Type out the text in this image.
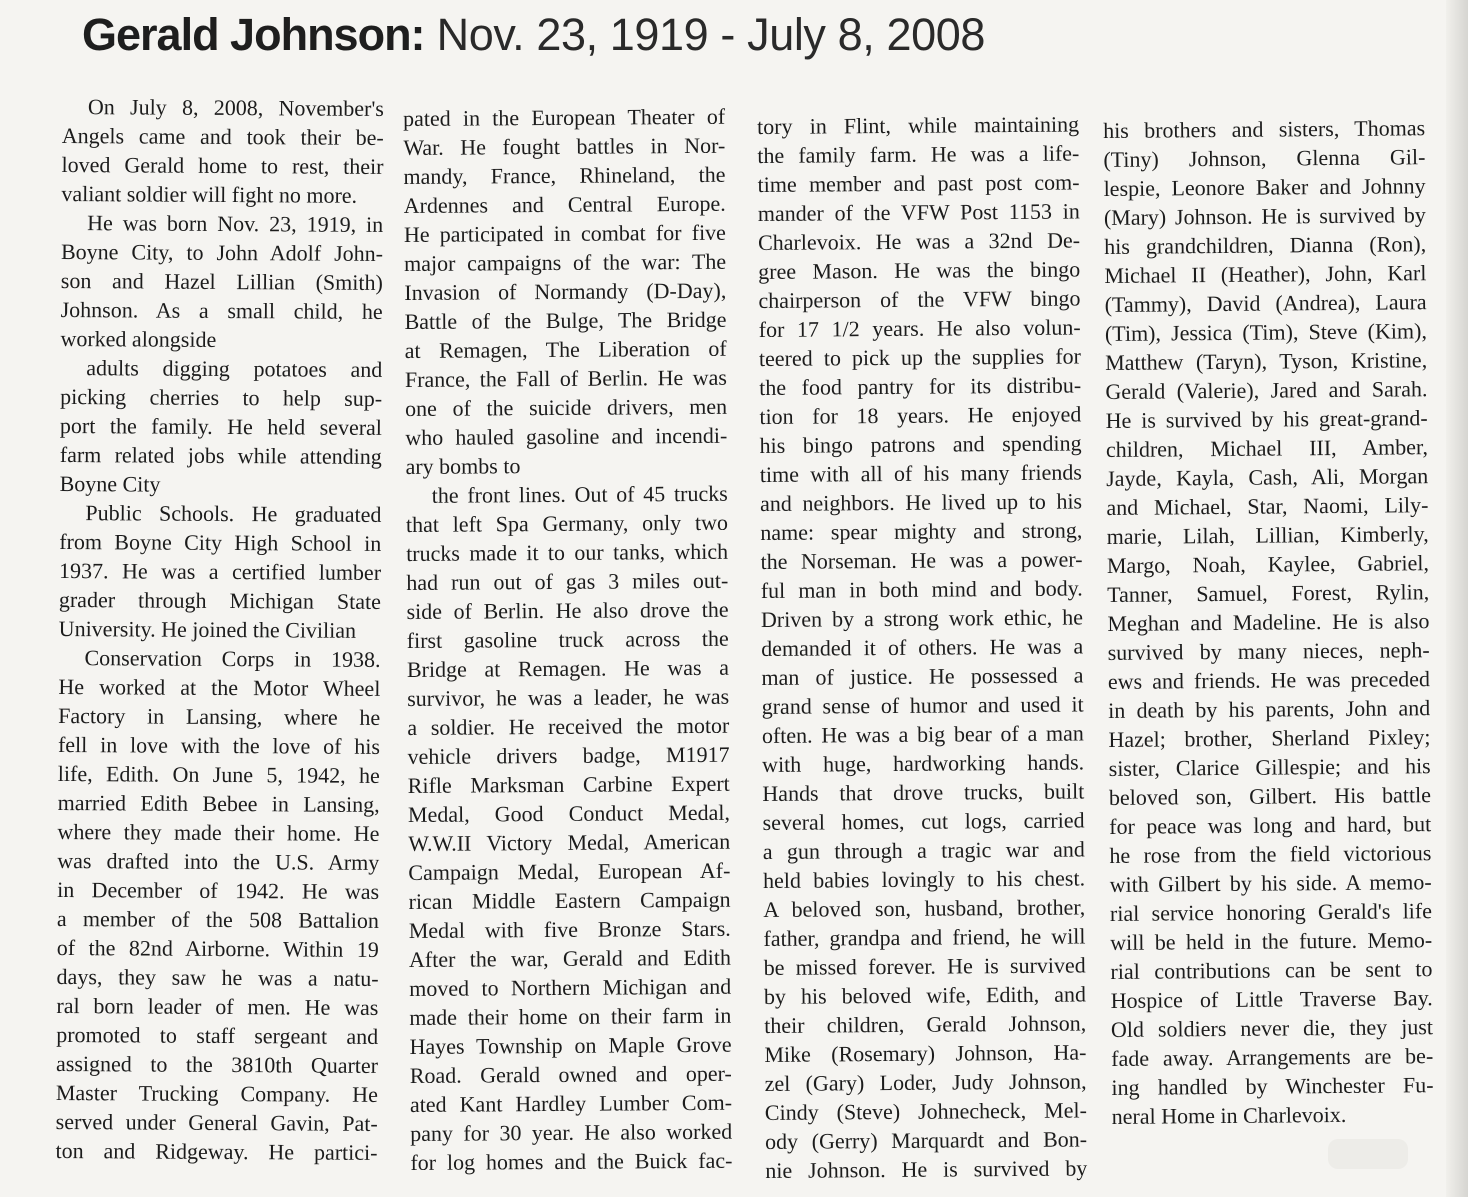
Gerald Johnson: Nov. 23, 1919 - July 8, 2008
On July 8, 2008, November's
Angels came and took their be-
loved Gerald home to rest, their
valiant soldier will fight no more.
He was born Nov. 23, 1919, in
Boyne City, to John Adolf John-
son and Hazel Lillian (Smith)
Johnson. As a small child, he
worked alongside
adults digging potatoes and
picking cherries to help sup-
port the family. He held several
farm related jobs while attending
Boyne City
Public Schools. He graduated
from Boyne City High School in
1937. He was a certified lumber
grader through Michigan State
University. He joined the Civilian
Conservation Corps in 1938.
He worked at the Motor Wheel
Factory in Lansing, where he
fell in love with the love of his
life, Edith. On June 5, 1942, he
married Edith Bebee in Lansing,
where they made their home. He
was drafted into the U.S. Army
in December of 1942. He was
a member of the 508 Battalion
of the 82nd Airborne. Within 19
days, they saw he was a natu-
ral born leader of men. He was
promoted to staff sergeant and
assigned to the 3810th Quarter
Master Trucking Company. He
served under General Gavin, Pat-
ton and Ridgeway. He partici-
pated in the European Theater of
War. He fought battles in Nor-
mandy, France, Rhineland, the
Ardennes and Central Europe.
He participated in combat for five
major campaigns of the war: The
Invasion of Normandy (D-Day),
Battle of the Bulge, The Bridge
at Remagen, The Liberation of
France, the Fall of Berlin. He was
one of the suicide drivers, men
who hauled gasoline and incendi-
ary bombs to
the front lines. Out of 45 trucks
that left Spa Germany, only two
trucks made it to our tanks, which
had run out of gas 3 miles out-
side of Berlin. He also drove the
first gasoline truck across the
Bridge at Remagen. He was a
survivor, he was a leader, he was
a soldier. He received the motor
vehicle drivers badge, M1917
Rifle Marksman Carbine Expert
Medal, Good Conduct Medal,
W.W.II Victory Medal, American
Campaign Medal, European Af-
rican Middle Eastern Campaign
Medal with five Bronze Stars.
After the war, Gerald and Edith
moved to Northern Michigan and
made their home on their farm in
Hayes Township on Maple Grove
Road. Gerald owned and oper-
ated Kant Hardley Lumber Com-
pany for 30 year. He also worked
for log homes and the Buick fac-
tory in Flint, while maintaining
the family farm. He was a life-
time member and past post com-
mander of the VFW Post 1153 in
Charlevoix. He was a 32nd De-
gree Mason. He was the bingo
chairperson of the VFW bingo
for 17 1/2 years. He also volun-
teered to pick up the supplies for
the food pantry for its distribu-
tion for 18 years. He enjoyed
his bingo patrons and spending
time with all of his many friends
and neighbors. He lived up to his
name: spear mighty and strong,
the Norseman. He was a power-
ful man in both mind and body.
Driven by a strong work ethic, he
demanded it of others. He was a
man of justice. He possessed a
grand sense of humor and used it
often. He was a big bear of a man
with huge, hardworking hands.
Hands that drove trucks, built
several homes, cut logs, carried
a gun through a tragic war and
held babies lovingly to his chest.
A beloved son, husband, brother,
father, grandpa and friend, he will
be missed forever. He is survived
by his beloved wife, Edith, and
their children, Gerald Johnson,
Mike (Rosemary) Johnson, Ha-
zel (Gary) Loder, Judy Johnson,
Cindy (Steve) Johnecheck, Mel-
ody (Gerry) Marquardt and Bon-
nie Johnson. He is survived by
his brothers and sisters, Thomas
(Tiny) Johnson, Glenna Gil-
lespie, Leonore Baker and Johnny
(Mary) Johnson. He is survived by
his grandchildren, Dianna (Ron),
Michael II (Heather), John, Karl
(Tammy), David (Andrea), Laura
(Tim), Jessica (Tim), Steve (Kim),
Matthew (Taryn), Tyson, Kristine,
Gerald (Valerie), Jared and Sarah.
He is survived by his great-grand-
children, Michael III, Amber,
Jayde, Kayla, Cash, Ali, Morgan
and Michael, Star, Naomi, Lily-
marie, Lilah, Lillian, Kimberly,
Margo, Noah, Kaylee, Gabriel,
Tanner, Samuel, Forest, Rylin,
Meghan and Madeline. He is also
survived by many nieces, neph-
ews and friends. He was preceded
in death by his parents, John and
Hazel; brother, Sherland Pixley;
sister, Clarice Gillespie; and his
beloved son, Gilbert. His battle
for peace was long and hard, but
he rose from the field victorious
with Gilbert by his side. A memo-
rial service honoring Gerald's life
will be held in the future. Memo-
rial contributions can be sent to
Hospice of Little Traverse Bay.
Old soldiers never die, they just
fade away. Arrangements are be-
ing handled by Winchester Fu-
neral Home in Charlevoix.
